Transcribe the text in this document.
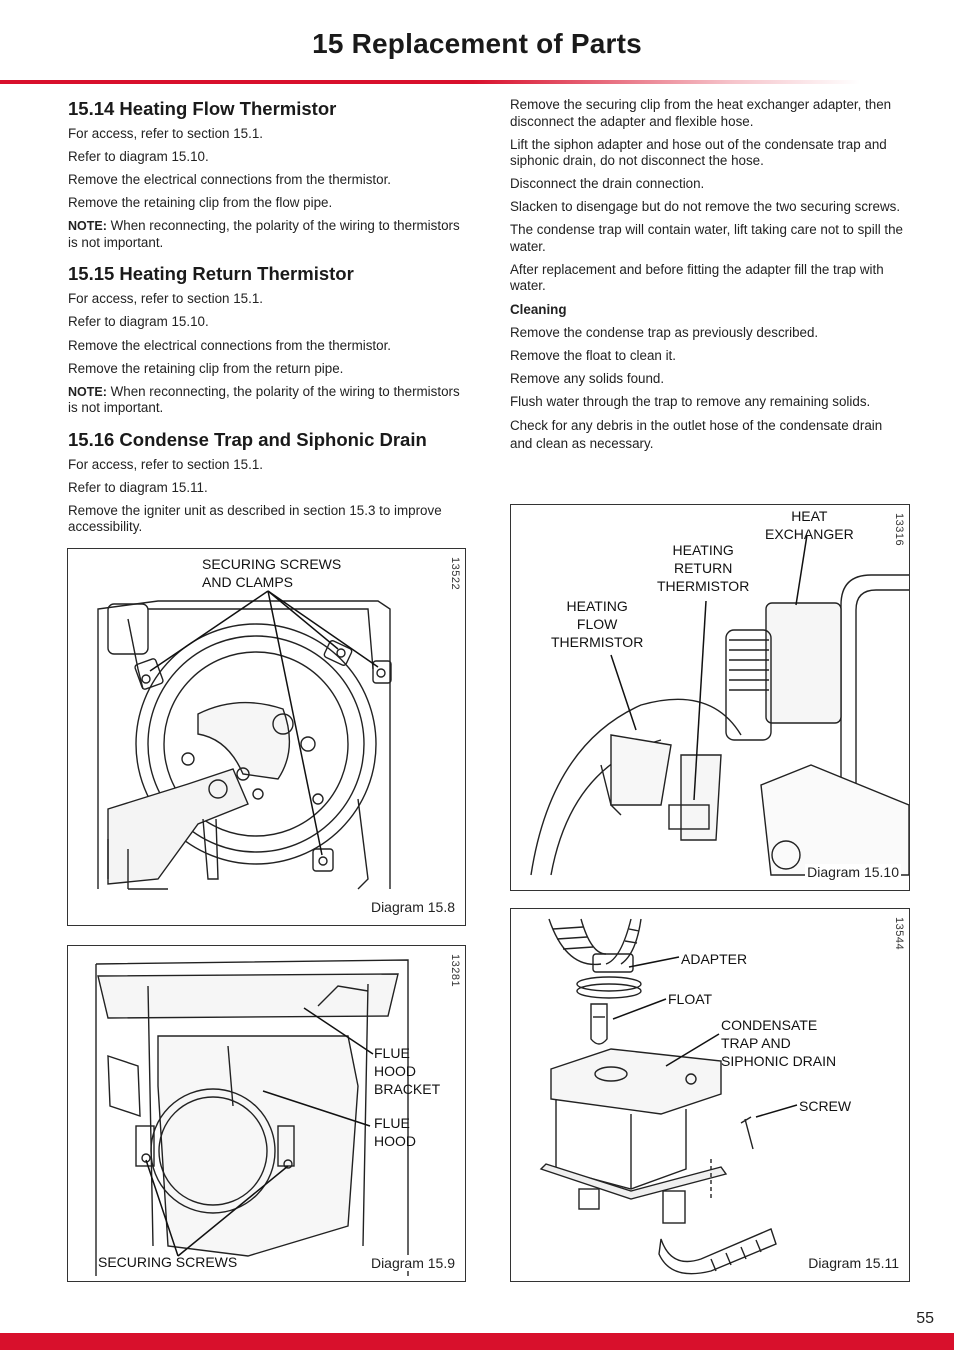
15 Replacement of Parts
15.14 Heating Flow Thermistor

For access, refer to section 15.1.

Refer to diagram 15.10.

Remove the electrical connections from the thermistor.

Remove the retaining clip from the flow pipe.

NOTE: When reconnecting, the polarity of the wiring to thermistors is not important.

15.15 Heating Return Thermistor

For access, refer to section 15.1.

Refer to diagram 15.10.

Remove the electrical connections from the thermistor.

Remove the retaining clip from the return pipe.

NOTE: When reconnecting, the polarity of the wiring to thermistors is not important.

15.16 Condense Trap and Siphonic Drain

For access, refer to section 15.1.

Refer to diagram 15.11.

Remove the igniter unit as described in section 15.3 to improve accessibility.

Remove the securing clip from the heat exchanger adapter, then disconnect the adapter and flexible hose.

Lift the siphon adapter and hose out of the condensate trap and siphonic drain, do not disconnect the hose.

Disconnect the drain connection.

Slacken to disengage but do not remove the two securing screws.

The condense trap will contain water, lift taking care not to spill the water.

After replacement and before fitting the adapter fill the trap with water.

Cleaning

Remove the condense trap as previously described.

Remove the float to clean it.

Remove any solids found.

Flush water through the trap to remove any remaining solids.

Check for any debris in the outlet hose of the condensate drain and clean as necessary.

SECURING SCREWS
AND CLAMPS	13522
Diagram 15.8
FLUE
HOOD
BRACKET
FLUE
HOOD
SECURING SCREWS
13281
Diagram 15.9
HEAT
EXCHANGER
HEATING
RETURN
THERMISTOR
HEATING
FLOW
THERMISTOR
13316
Diagram 15.10
ADAPTER
FLOAT
CONDENSATE
TRAP AND
SIPHONIC DRAIN
SCREW
13544
Diagram 15.11
55
